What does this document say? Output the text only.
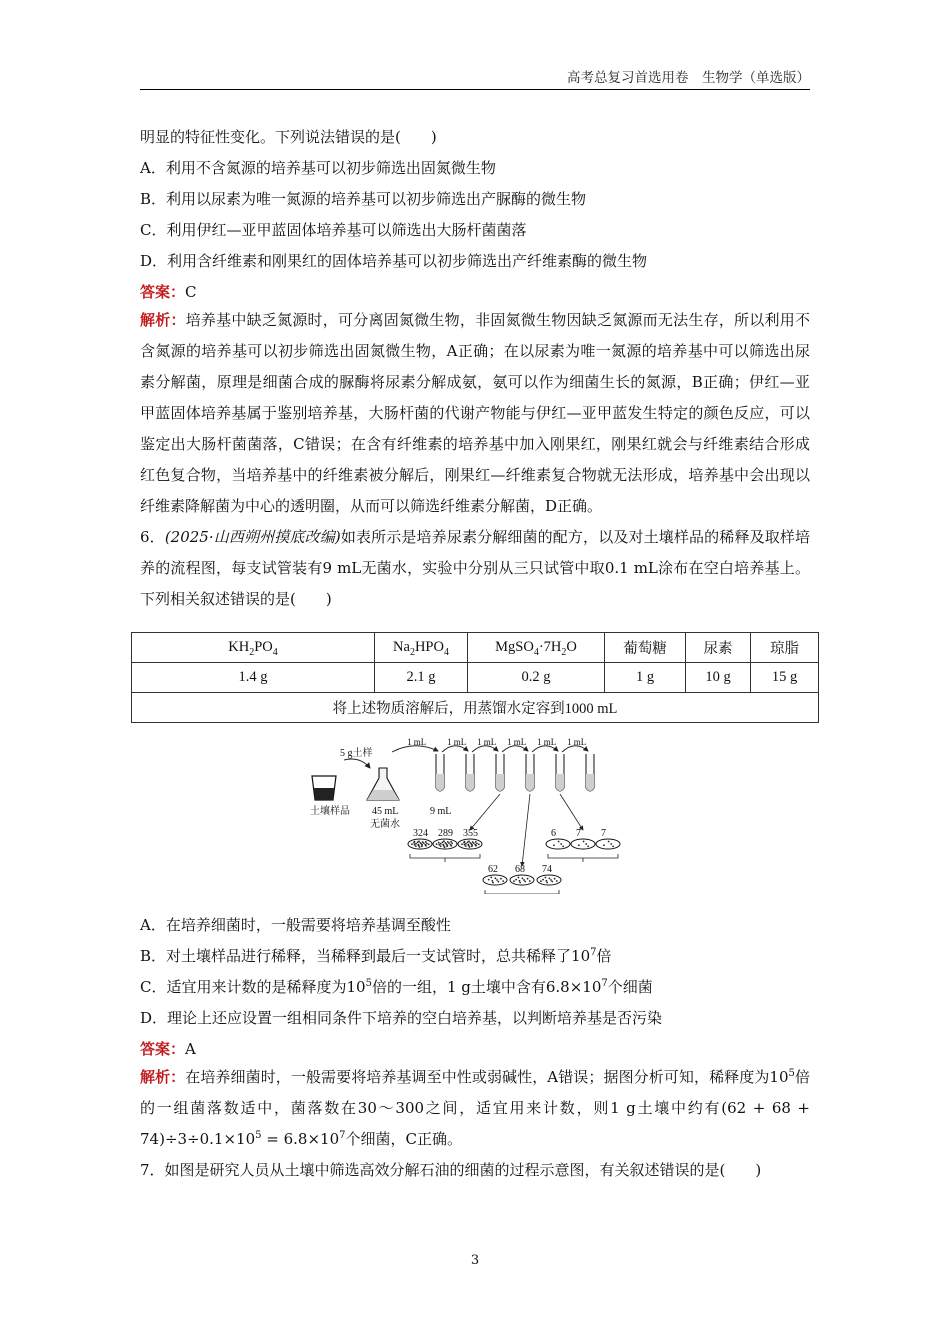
高考总复习首选用卷　生物学（单选版）
明显的特征性变化。下列说法错误的是(　　)
A．利用不含氮源的培养基可以初步筛选出固氮微生物
B．利用以尿素为唯一氮源的培养基可以初步筛选出产脲酶的微生物
C．利用伊红—亚甲蓝固体培养基可以筛选出大肠杆菌菌落
D．利用含纤维素和刚果红的固体培养基可以初步筛选出产纤维素酶的微生物
答案：C
解析：培养基中缺乏氮源时，可分离固氮微生物，非固氮微生物因缺乏氮源而无法生存，所以利用不含氮源的培养基可以初步筛选出固氮微生物，A正确；在以尿素为唯一氮源的培养基中可以筛选出尿素分解菌，原理是细菌合成的脲酶将尿素分解成氨，氨可以作为细菌生长的氮源，B正确；伊红—亚甲蓝固体培养基属于鉴别培养基，大肠杆菌的代谢产物能与伊红—亚甲蓝发生特定的颜色反应，可以鉴定出大肠杆菌菌落，C错误；在含有纤维素的培养基中加入刚果红，刚果红就会与纤维素结合形成红色复合物，当培养基中的纤维素被分解后，刚果红—纤维素复合物就无法形成，培养基中会出现以纤维素降解菌为中心的透明圈，从而可以筛选纤维素分解菌，D正确。
6．(2025·山西朔州摸底改编)如表所示是培养尿素分解细菌的配方，以及对土壤样品的稀释及取样培养的流程图，每支试管装有9 mL无菌水，实验中分别从三只试管中取0.1 mL涂布在空白培养基上。下列相关叙述错误的是(　　)
$KH_2PO_4$	$Na_2HPO_4$	$MgSO_4\cdot 7H_2O$	葡萄糖	尿素	琼脂
1.4 g	2.1 g	0.2 g	1 g	10 g	15 g
将上述物质溶解后，用蒸馏水定容到1000 mL					
土壤样品
5 g土样
45 mL
无菌水
1 mL 1 mL 1 mL 1 mL 1 mL 1 mL
9 mL
324 289 355	6 7 7
62 68 74
A．在培养细菌时，一般需要将培养基调至酸性
B．对土壤样品进行稀释，当稀释到最后一支试管时，总共稀释了$10^7$倍
C．适宜用来计数的是稀释度为$10^5$倍的一组，1 g土壤中含有$6.8\times 10^7$个细菌
D．理论上还应设置一组相同条件下培养的空白培养基，以判断培养基是否污染
答案：A
解析：在培养细菌时，一般需要将培养基调至中性或弱碱性，A错误；据图分析可知，稀释度为$10^5$倍的一组菌落数适中，菌落数在30～300之间，适宜用来计数，则1 g土壤中约有$(62 + 68 + 74)\div 3\div 0.1\times 10^5 = 6.8\times 10^7$个细菌，C正确。
7．如图是研究人员从土壤中筛选高效分解石油的细菌的过程示意图，有关叙述错误的是(　　)
3
